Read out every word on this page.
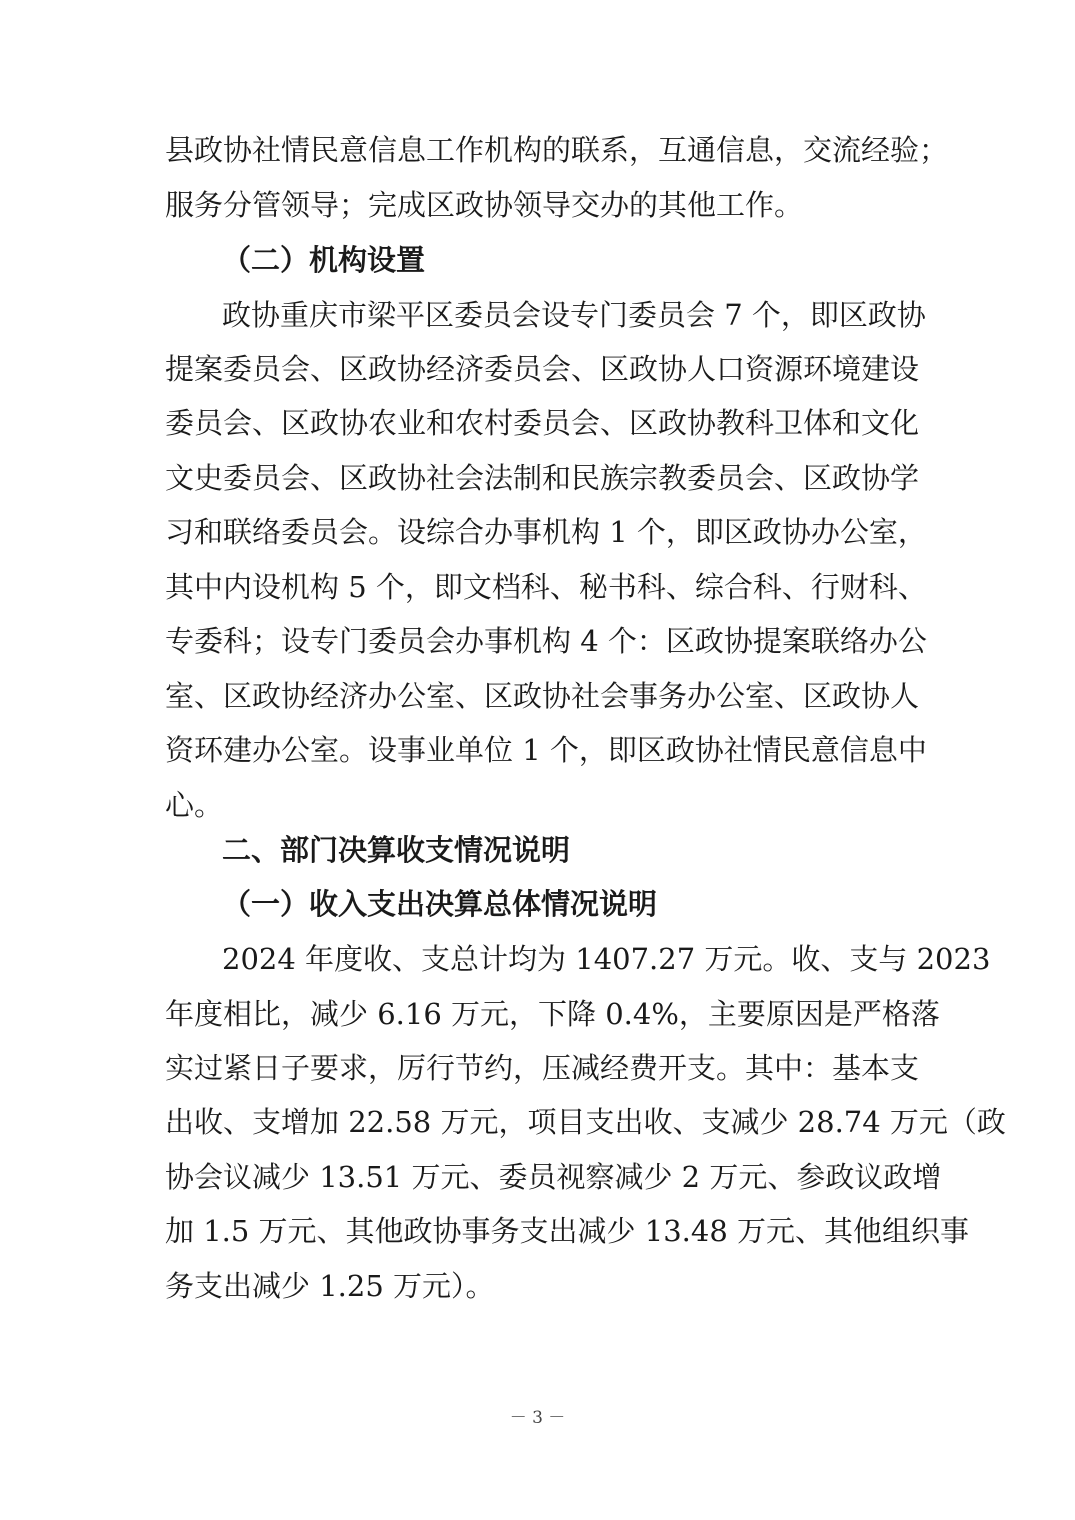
县政协社情民意信息工作机构的联系，互通信息，交流经验；
服务分管领导；完成区政协领导交办的其他工作。
（二）机构设置
政协重庆市梁平区委员会设专门委员会 7 个，即区政协
提案委员会、区政协经济委员会、区政协人口资源环境建设
委员会、区政协农业和农村委员会、区政协教科卫体和文化
文史委员会、区政协社会法制和民族宗教委员会、区政协学
习和联络委员会。设综合办事机构 1 个，即区政协办公室，
其中内设机构 5 个，即文档科、秘书科、综合科、行财科、
专委科；设专门委员会办事机构 4 个：区政协提案联络办公
室、区政协经济办公室、区政协社会事务办公室、区政协人
资环建办公室。设事业单位 1 个，即区政协社情民意信息中
心。
二、部门决算收支情况说明
（一）收入支出决算总体情况说明
2024 年度收、支总计均为 1407.27 万元。收、支与 2023
年度相比，减少 6.16 万元，下降 0.4%，主要原因是严格落
实过紧日子要求，厉行节约，压减经费开支。其中：基本支
出收、支增加 22.58 万元，项目支出收、支减少 28.74 万元（政
协会议减少 13.51 万元、委员视察减少 2 万元、参政议政增
加 1.5 万元、其他政协事务支出减少 13.48 万元、其他组织事
务支出减少 1.25 万元）。
－ 3 －
